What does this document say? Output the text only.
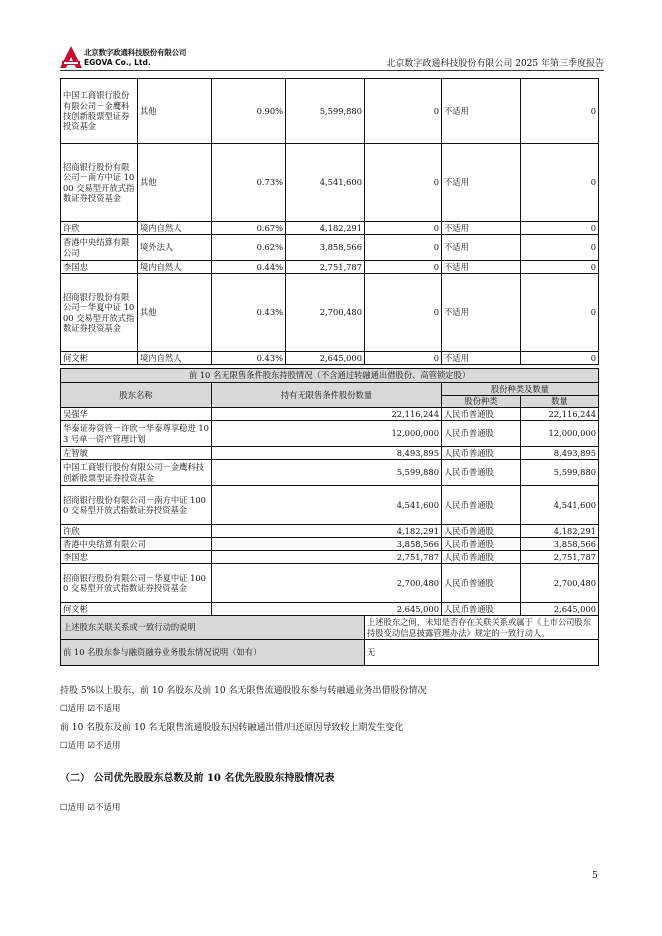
北京数字政通科技股份有限公司
EGOVA Co., Ltd.	北京数字政通科技股份有限公司 2025 年第三季度报告
中国工商银行股份有限公司－金鹰科技创新股票型证券投资基金	其他	0.90%	5,599,880	0	不适用	0
招商银行股份有限公司－南方中证 1000 交易型开放式指数证券投资基金	其他	0.73%	4,541,600	0	不适用	0
许欣	境内自然人	0.67%	4,182,291	0	不适用	0
香港中央结算有限公司	境外法人	0.62%	3,858,566	0	不适用	0
李国忠	境内自然人	0.44%	2,751,787	0	不适用	0
招商银行股份有限公司－华夏中证 1000 交易型开放式指数证券投资基金	其他	0.43%	2,700,480	0	不适用	0
何文彬	境内自然人	0.43%	2,645,000	0	不适用	0
前 10 名无限售条件股东持股情况（不含通过转融通出借股份、高管锁定股）				
股东名称	持有无限售条件股份数量		股份种类及数量	
			股份种类	数量
吴强华	22,116,244		人民币普通股	22,116,244
华泰证券资管－许欣－华泰尊享稳进 103 号单一资产管理计划	12,000,000		人民币普通股	12,000,000
左智敏	8,493,895		人民币普通股	8,493,895
中国工商银行股份有限公司－金鹰科技创新股票型证券投资基金	5,599,880		人民币普通股	5,599,880
招商银行股份有限公司－南方中证 1000 交易型开放式指数证券投资基金	4,541,600		人民币普通股	4,541,600
许欣	4,182,291		人民币普通股	4,182,291
香港中央结算有限公司	3,858,566		人民币普通股	3,858,566
李国忠	2,751,787		人民币普通股	2,751,787
招商银行股份有限公司－华夏中证 1000 交易型开放式指数证券投资基金	2,700,480		人民币普通股	2,700,480
何文彬	2,645,000		人民币普通股	2,645,000
上述股东关联关系或一致行动的说明		上述股东之间，未知是否存在关联关系或属于《上市公司股东持股变动信息披露管理办法》规定的一致行动人。		
前 10 名股东参与融资融券业务股东情况说明（如有）		无		
持股 5%以上股东、前 10 名股东及前 10 名无限售流通股股东参与转融通业务出借股份情况
☐适用 ☑不适用
前 10 名股东及前 10 名无限售流通股股东因转融通出借/归还原因导致较上期发生变化
☐适用 ☑不适用
（二） 公司优先股股东总数及前 10 名优先股股东持股情况表
☐适用 ☑不适用
5
